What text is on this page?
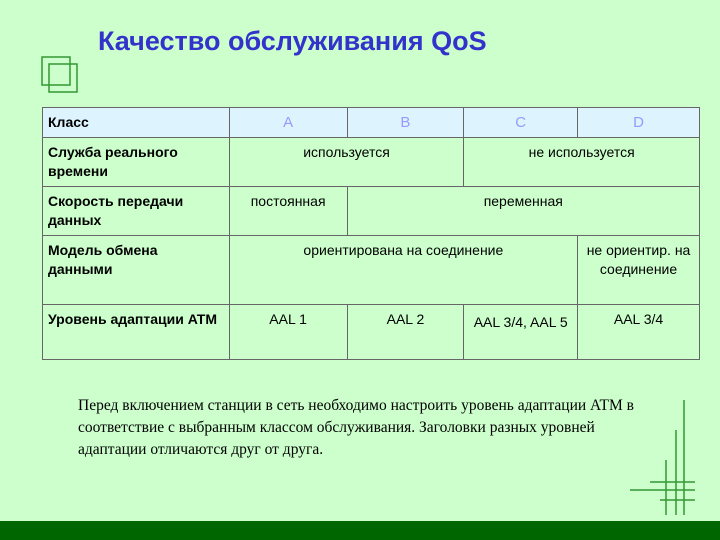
Качество обслуживания QoS
Класс	A	B	C	D
Служба реального времени	используется		не используется	
Скорость передачи данных	постоянная	переменная		
Модель обмена данными	ориентирована на соединение			не ориентир. на соединение
Уровень адаптации ATM	AAL 1	AAL 2	AAL 3/4, AAL 5	AAL 3/4
Перед включением станции в сеть необходимо настроить уровень адаптации ATM в соответствие с выбранным классом обслуживания. Заголовки разных уровней адаптации отличаются друг от друга.
